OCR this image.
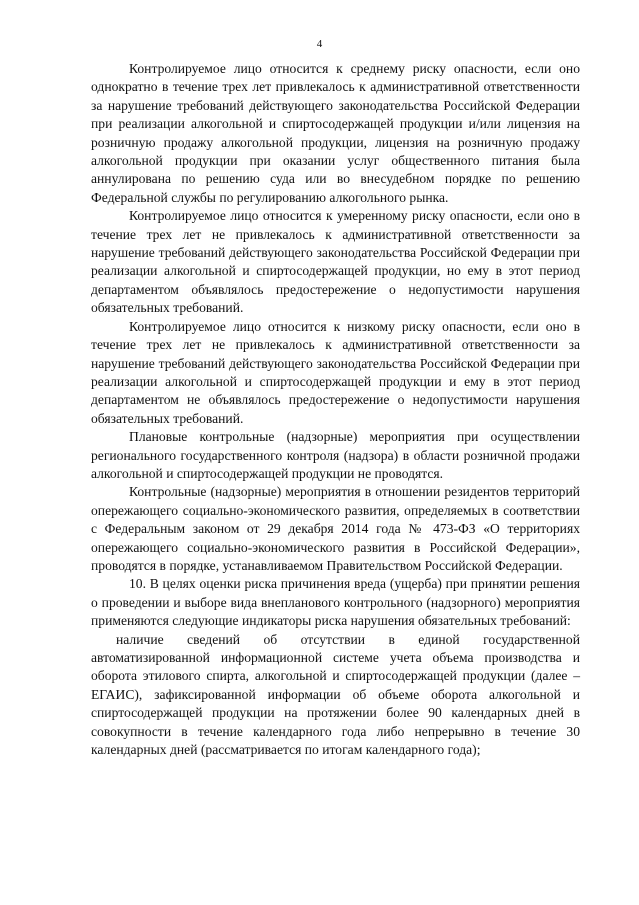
4

Контролируемое лицо относится к среднему риску опасности, если оно однократно в течение трех лет привлекалось к административной ответственности за нарушение требований действующего законодательства Российской Федерации при реализации алкогольной и спиртосодержащей продукции и/или лицензия на розничную продажу алкогольной продукции, лицензия на розничную продажу алкогольной продукции при оказании услуг общественного питания была аннулирована по решению суда или во внесудебном порядке по решению Федеральной службы по регулированию алкогольного рынка.

Контролируемое лицо относится к умеренному риску опасности, если оно в течение трех лет не привлекалось к административной ответственности за нарушение требований действующего законодательства Российской Федерации при реализации алкогольной и спиртосодержащей продукции, но ему в этот период департаментом объявлялось предостережение о недопустимости нарушения обязательных требований.

Контролируемое лицо относится к низкому риску опасности, если оно в течение трех лет не привлекалось к административной ответственности за нарушение требований действующего законодательства Российской Федерации при реализации алкогольной и спиртосодержащей продукции и ему в этот период департаментом не объявлялось предостережение о недопустимости нарушения обязательных требований.

Плановые контрольные (надзорные) мероприятия при осуществлении регионального государственного контроля (надзора) в области розничной продажи алкогольной и спиртосодержащей продукции не проводятся.

Контрольные (надзорные) мероприятия в отношении резидентов территорий опережающего социально-экономического развития, определяемых в соответствии с Федеральным законом от 29 декабря 2014 года № 473-ФЗ «О территориях опережающего социально-экономического развития в Российской Федерации», проводятся в порядке, устанавливаемом Правительством Российской Федерации.

10. В целях оценки риска причинения вреда (ущерба) при принятии решения о проведении и выборе вида внепланового контрольного (надзорного) мероприятия применяются следующие индикаторы риска нарушения обязательных требований:

наличие сведений об отсутствии в единой государственной автоматизированной информационной системе учета объема производства и оборота этилового спирта, алкогольной и спиртосодержащей продукции (далее – ЕГАИС), зафиксированной информации об объеме оборота алкогольной и спиртосодержащей продукции на протяжении более 90 календарных дней в совокупности в течение календарного года либо непрерывно в течение 30 календарных дней (рассматривается по итогам календарного года);
